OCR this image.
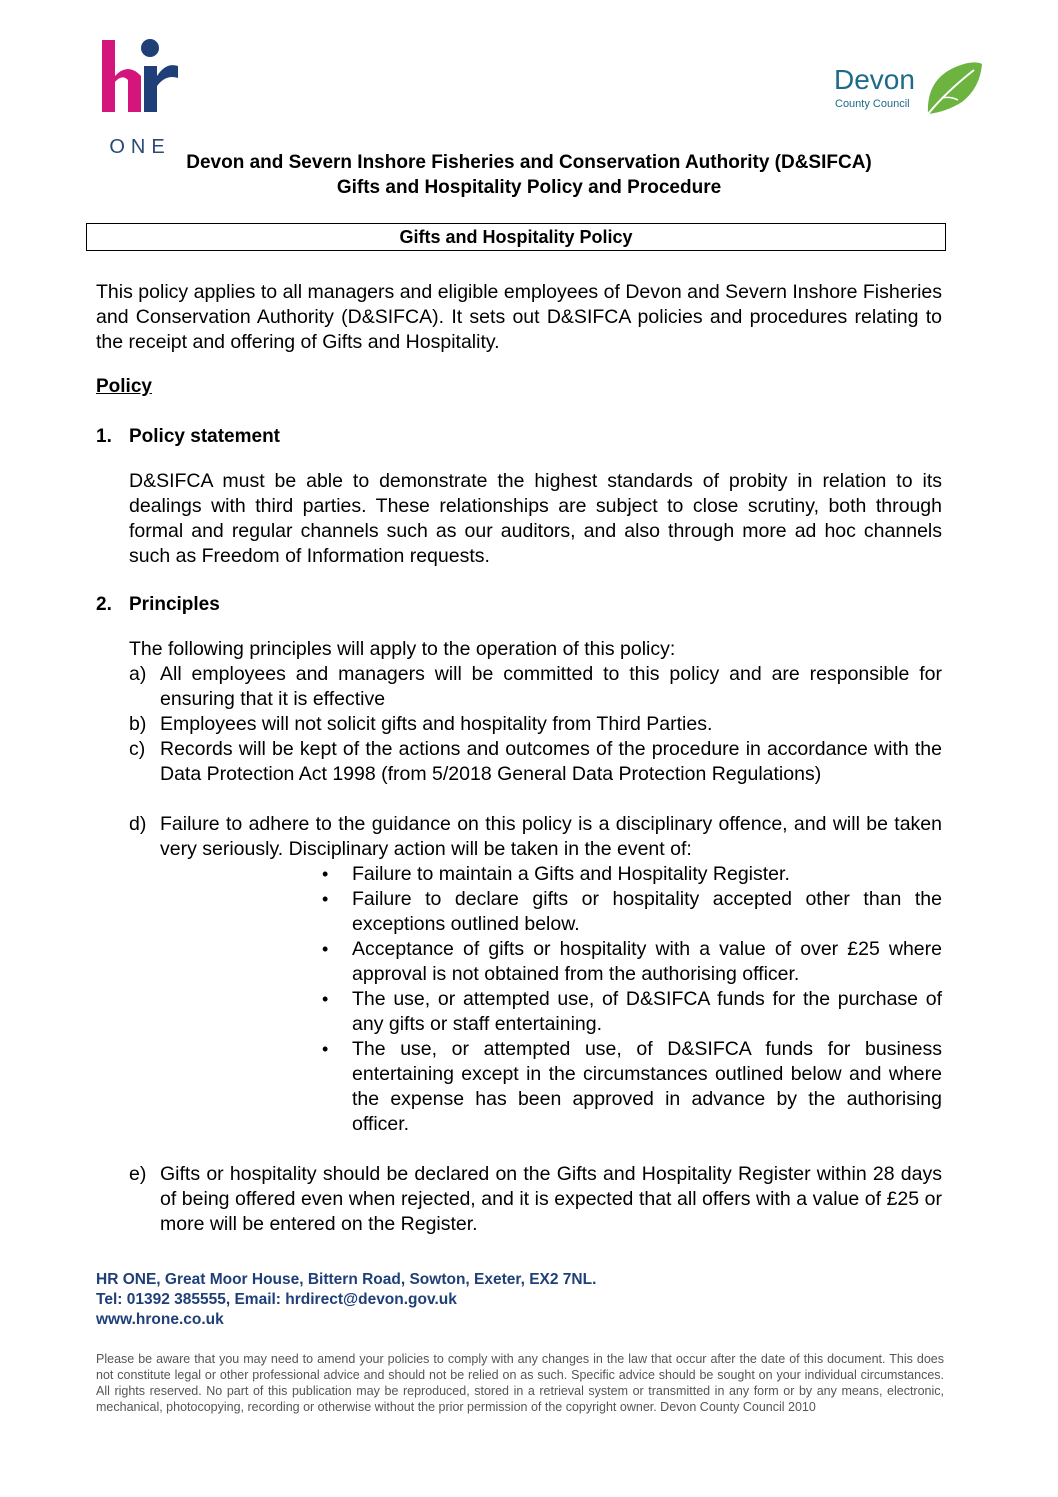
ONE
Devon
County Council
Devon and Severn Inshore Fisheries and Conservation Authority (D&SIFCA)
Gifts and Hospitality Policy and Procedure
Gifts and Hospitality Policy
This policy applies to all managers and eligible employees of Devon and Severn Inshore Fisheries and Conservation Authority (D&SIFCA). It sets out D&SIFCA policies and procedures relating to the receipt and offering of Gifts and Hospitality.
Policy
1. Policy statement
D&SIFCA must be able to demonstrate the highest standards of probity in relation to its dealings with third parties. These relationships are subject to close scrutiny, both through formal and regular channels such as our auditors, and also through more ad hoc channels such as Freedom of Information requests.
2. Principles
The following principles will apply to the operation of this policy:
a) All employees and managers will be committed to this policy and are responsible for ensuring that it is effective
b) Employees will not solicit gifts and hospitality from Third Parties.
c) Records will be kept of the actions and outcomes of the procedure in accordance with the Data Protection Act 1998 (from 5/2018 General Data Protection Regulations)
d) Failure to adhere to the guidance on this policy is a disciplinary offence, and will be taken very seriously. Disciplinary action will be taken in the event of:
• Failure to maintain a Gifts and Hospitality Register.
• Failure to declare gifts or hospitality accepted other than the exceptions outlined below.
• Acceptance of gifts or hospitality with a value of over £25 where approval is not obtained from the authorising officer.
• The use, or attempted use, of D&SIFCA funds for the purchase of any gifts or staff entertaining.
• The use, or attempted use, of D&SIFCA funds for business entertaining except in the circumstances outlined below and where the expense has been approved in advance by the authorising officer.
e) Gifts or hospitality should be declared on the Gifts and Hospitality Register within 28 days of being offered even when rejected, and it is expected that all offers with a value of £25 or more will be entered on the Register.
HR ONE, Great Moor House, Bittern Road, Sowton, Exeter, EX2 7NL.
Tel: 01392 385555, Email: hrdirect@devon.gov.uk
www.hrone.co.uk
Please be aware that you may need to amend your policies to comply with any changes in the law that occur after the date of this document. This does not constitute legal or other professional advice and should not be relied on as such. Specific advice should be sought on your individual circumstances. All rights reserved. No part of this publication may be reproduced, stored in a retrieval system or transmitted in any form or by any means, electronic, mechanical, photocopying, recording or otherwise without the prior permission of the copyright owner. Devon County Council 2010
